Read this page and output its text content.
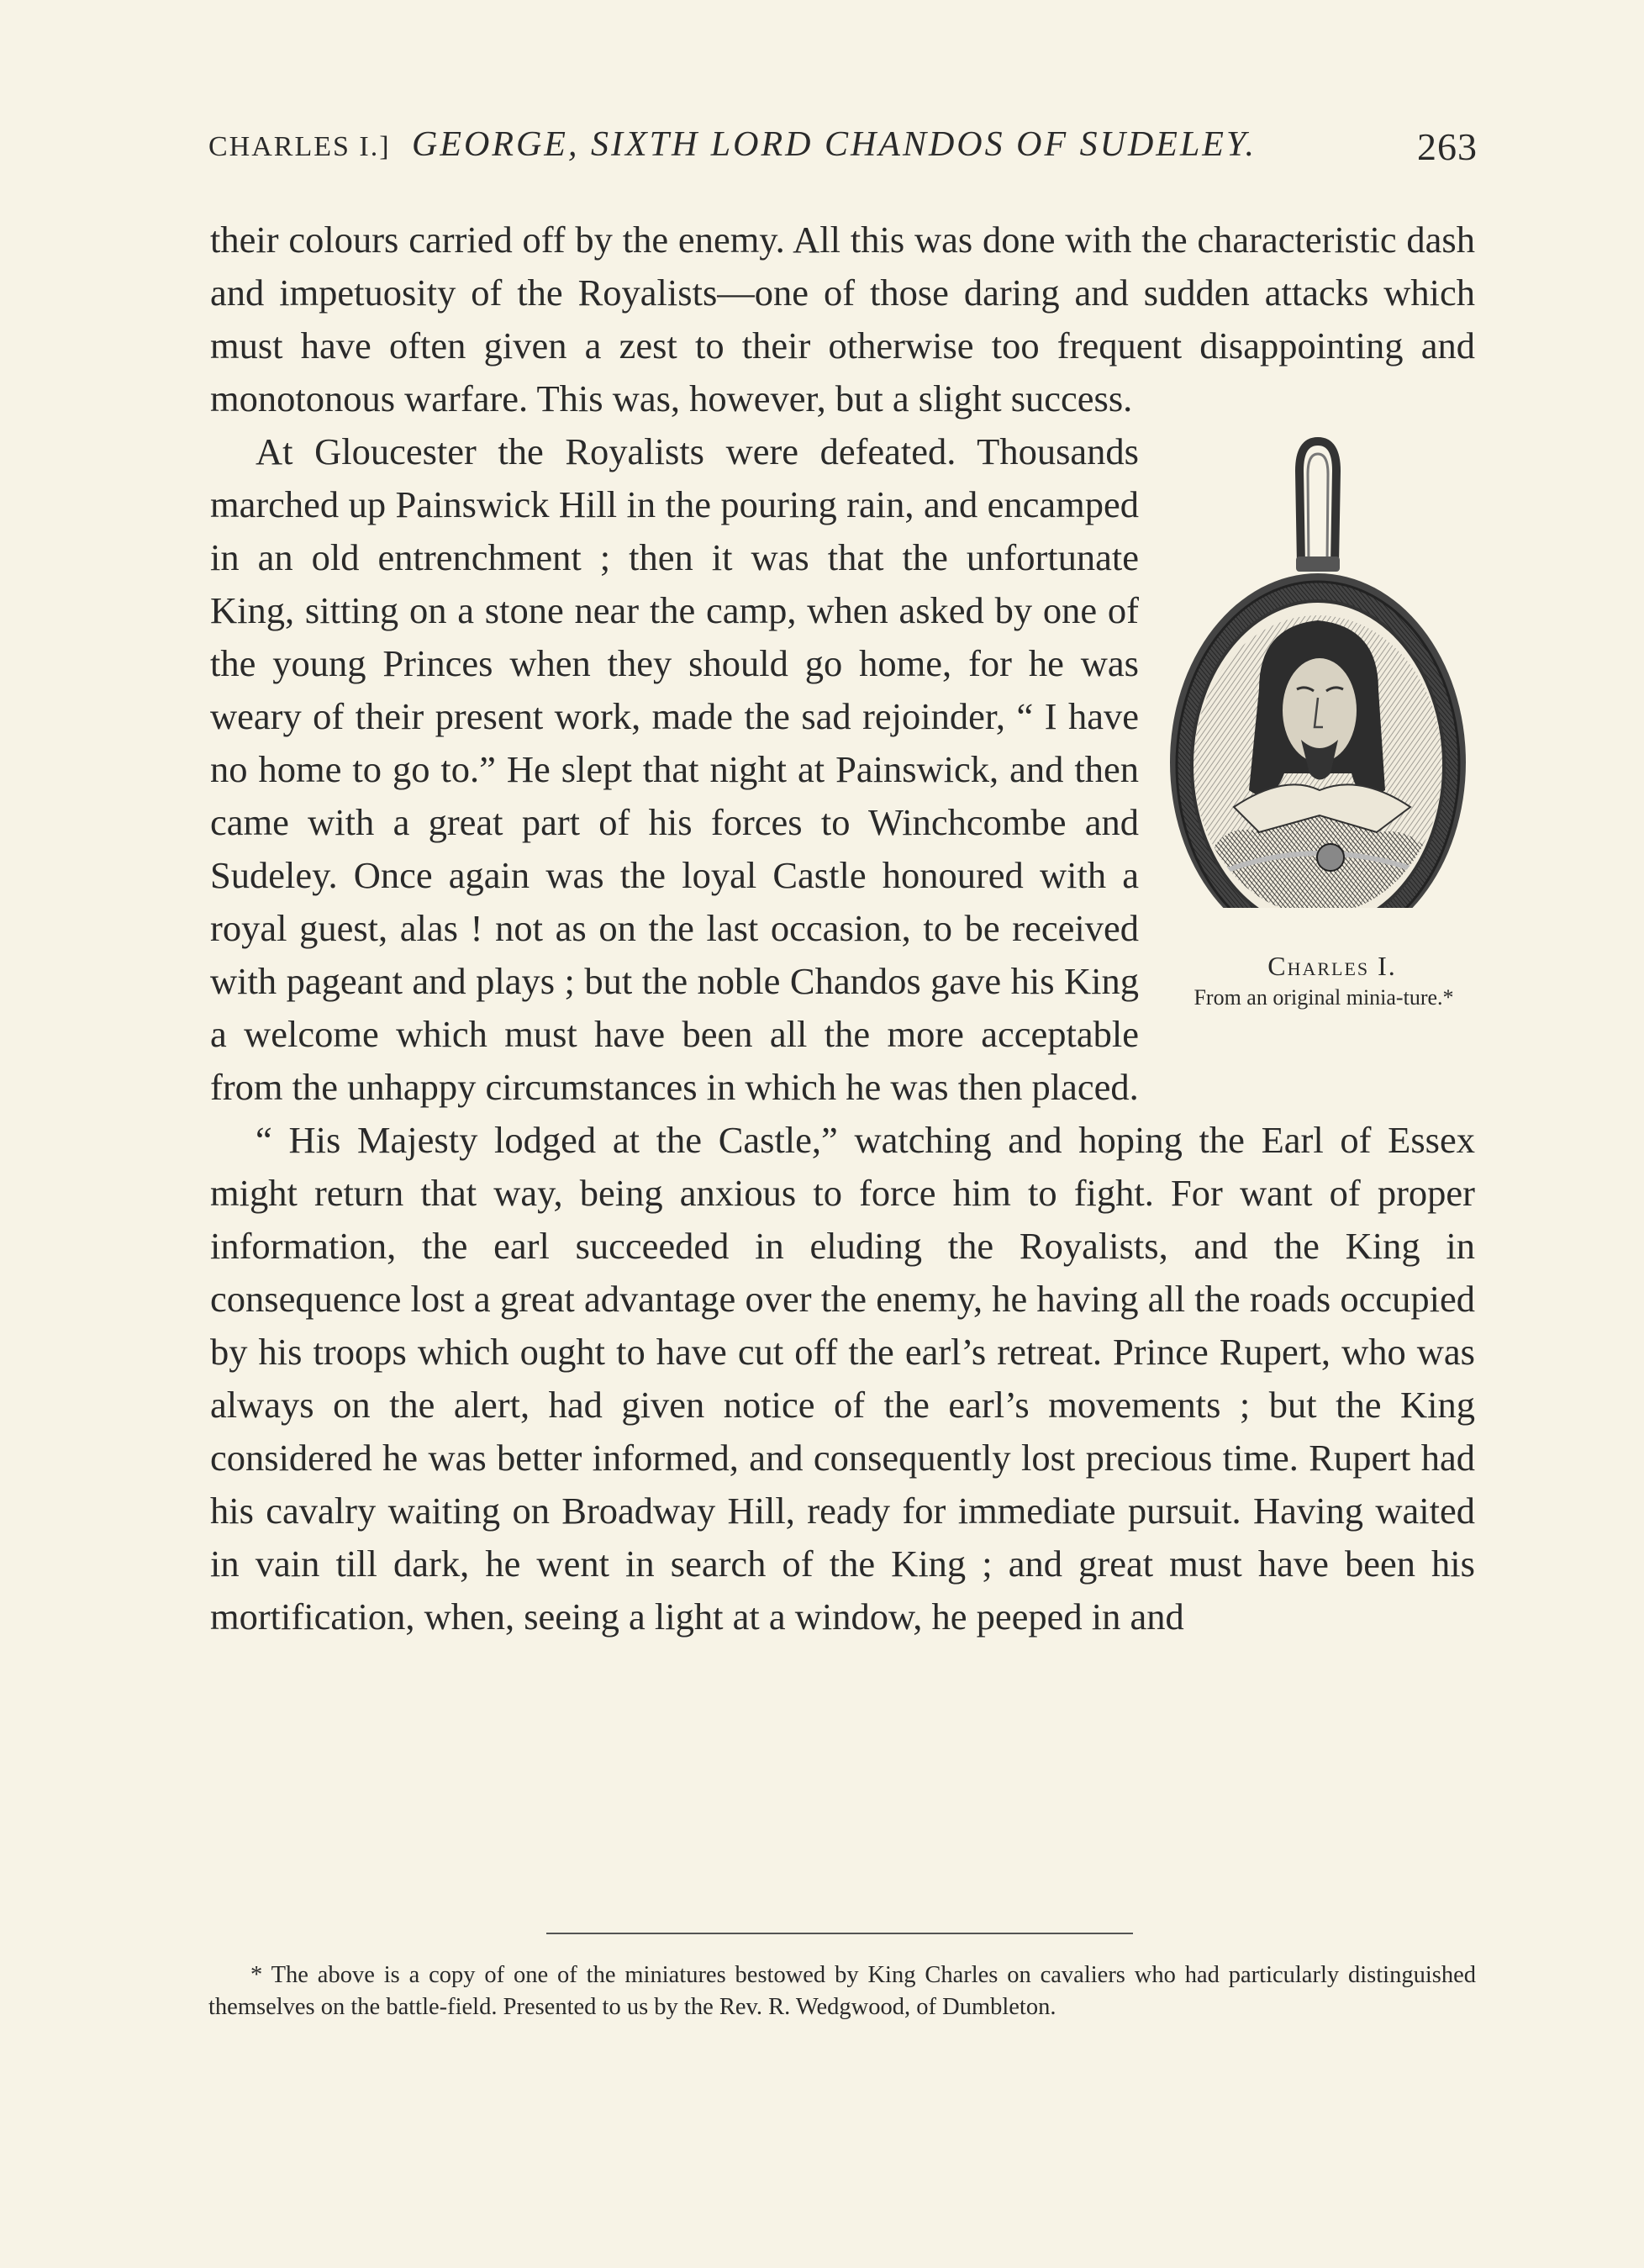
CHARLES I.] GEORGE, SIXTH LORD CHANDOS OF SUDELEY.	263

their colours carried off by the enemy. All this was done with the characteristic dash and impetuosity of the Royalists—one of those daring and sudden attacks which must have often given a zest to their otherwise too frequent disappointing and monotonous warfare. This was, however, but a slight success.

Charles I.
From an original minia-ture.*

At Gloucester the Royalists were defeated. Thousands marched up Painswick Hill in the pouring rain, and encamped in an old entrenchment ; then it was that the unfortunate King, sitting on a stone near the camp, when asked by one of the young Princes when they should go home, for he was weary of their present work, made the sad rejoinder, “ I have no home to go to.” He slept that night at Painswick, and then came with a great part of his forces to Winchcombe and Sudeley. Once again was the loyal Castle honoured with a royal guest, alas ! not as on the last occasion, to be received with pageant and plays ; but the noble Chandos gave his King a welcome which must have been all the more acceptable from the unhappy circumstances in which he was then placed.

“ His Majesty lodged at the Castle,” watching and hoping the Earl of Essex might return that way, being anxious to force him to fight. For want of proper information, the earl succeeded in eluding the Royalists, and the King in consequence lost a great advantage over the enemy, he having all the roads occupied by his troops which ought to have cut off the earl’s retreat. Prince Rupert, who was always on the alert, had given notice of the earl’s movements ; but the King considered he was better informed, and consequently lost precious time. Rupert had his cavalry waiting on Broadway Hill, ready for immediate pursuit. Having waited in vain till dark, he went in search of the King ; and great must have been his mortification, when, seeing a light at a window, he peeped in and

* The above is a copy of one of the miniatures bestowed by King Charles on cavaliers who had particularly distinguished themselves on the battle-field. Presented to us by the Rev. R. Wedgwood, of Dumbleton.
